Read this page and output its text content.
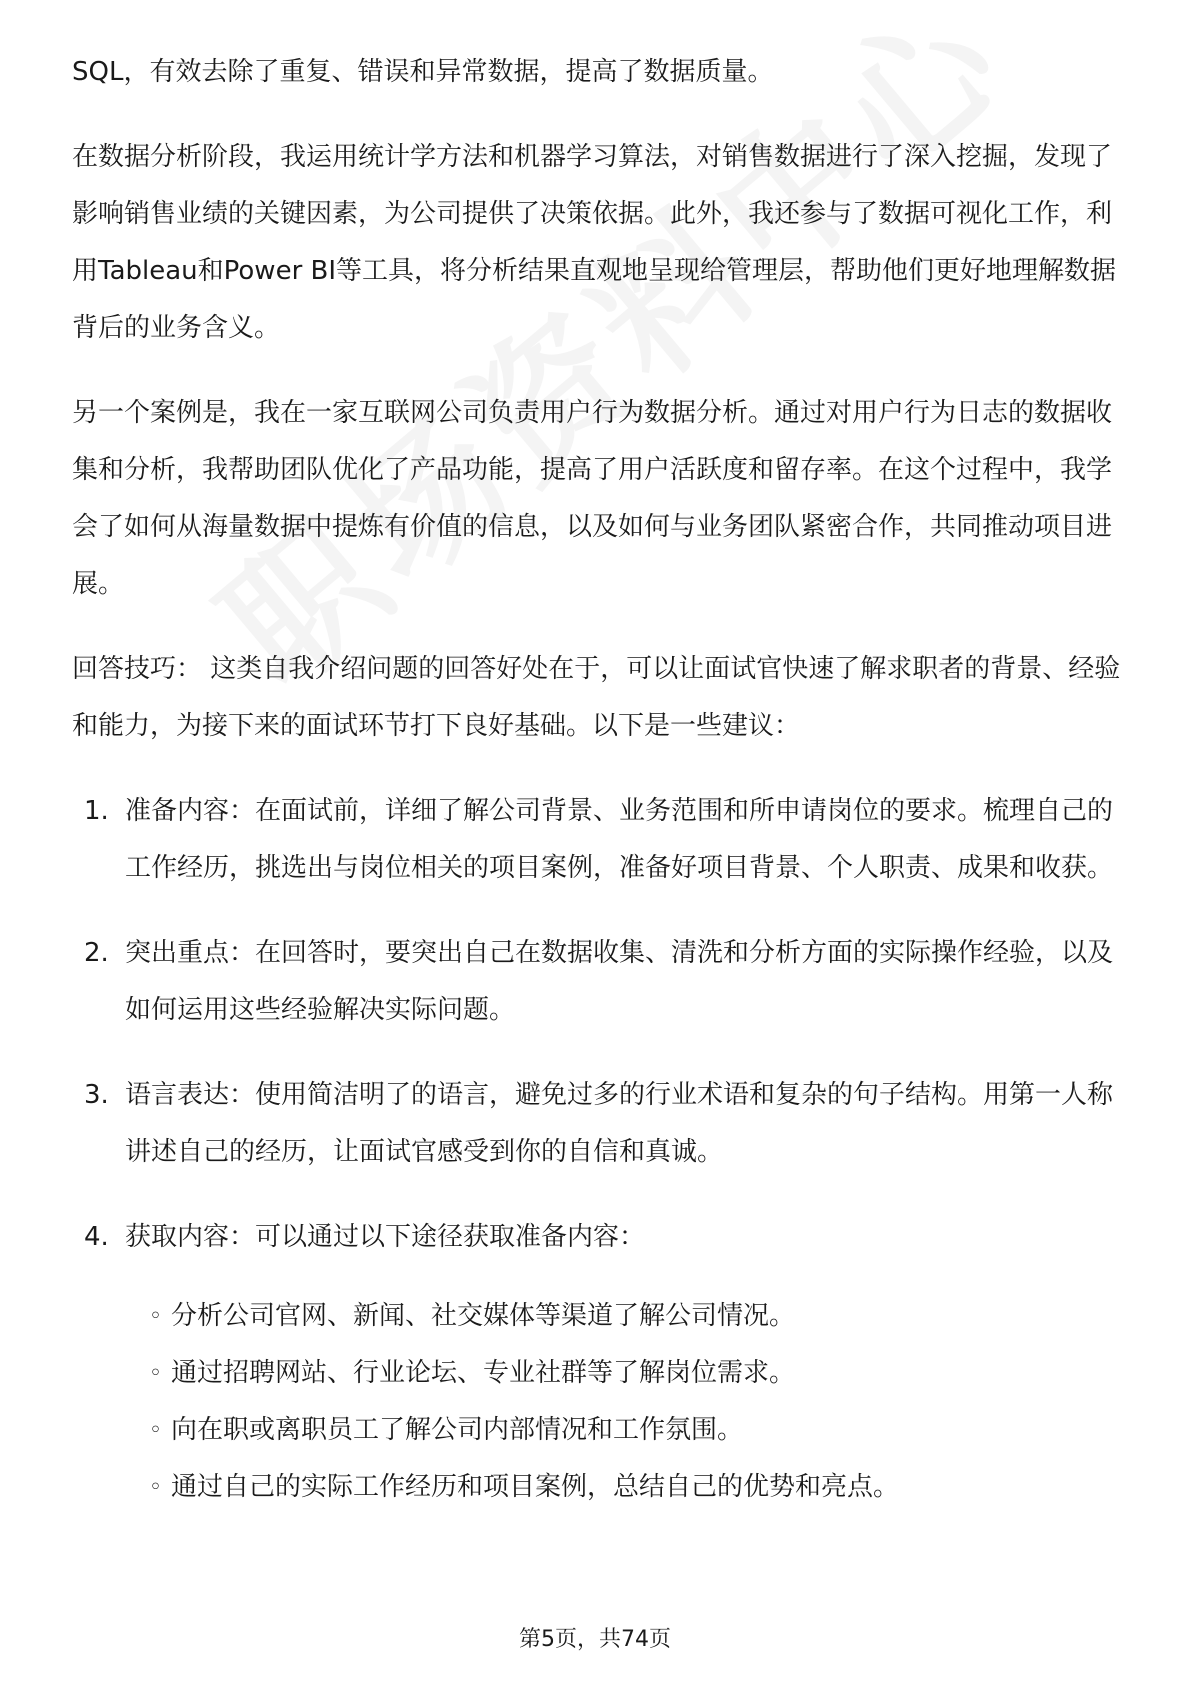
SQL，有效去除了重复、错误和异常数据，提高了数据质量。

在数据分析阶段，我运用统计学方法和机器学习算法，对销售数据进行了深入挖掘，发现了影响销售业绩的关键因素，为公司提供了决策依据。此外，我还参与了数据可视化工作，利用Tableau和Power BI等工具，将分析结果直观地呈现给管理层，帮助他们更好地理解数据背后的业务含义。

另一个案例是，我在一家互联网公司负责用户行为数据分析。通过对用户行为日志的数据收集和分析，我帮助团队优化了产品功能，提高了用户活跃度和留存率。在这个过程中，我学会了如何从海量数据中提炼有价值的信息，以及如何与业务团队紧密合作，共同推动项目进展。

回答技巧： 这类自我介绍问题的回答好处在于，可以让面试官快速了解求职者的背景、经验和能力，为接下来的面试环节打下良好基础。以下是一些建议：

1. 准备内容：在面试前，详细了解公司背景、业务范围和所申请岗位的要求。梳理自己的工作经历，挑选出与岗位相关的项目案例，准备好项目背景、个人职责、成果和收获。
2. 突出重点：在回答时，要突出自己在数据收集、清洗和分析方面的实际操作经验，以及如何运用这些经验解决实际问题。
3. 语言表达：使用简洁明了的语言，避免过多的行业术语和复杂的句子结构。用第一人称讲述自己的经历，让面试官感受到你的自信和真诚。
4. 获取内容：可以通过以下途径获取准备内容：
◦ 分析公司官网、新闻、社交媒体等渠道了解公司情况。
◦ 通过招聘网站、行业论坛、专业社群等了解岗位需求。
◦ 向在职或离职员工了解公司内部情况和工作氛围。
◦ 通过自己的实际工作经历和项目案例，总结自己的优势和亮点。
第5页，共74页
